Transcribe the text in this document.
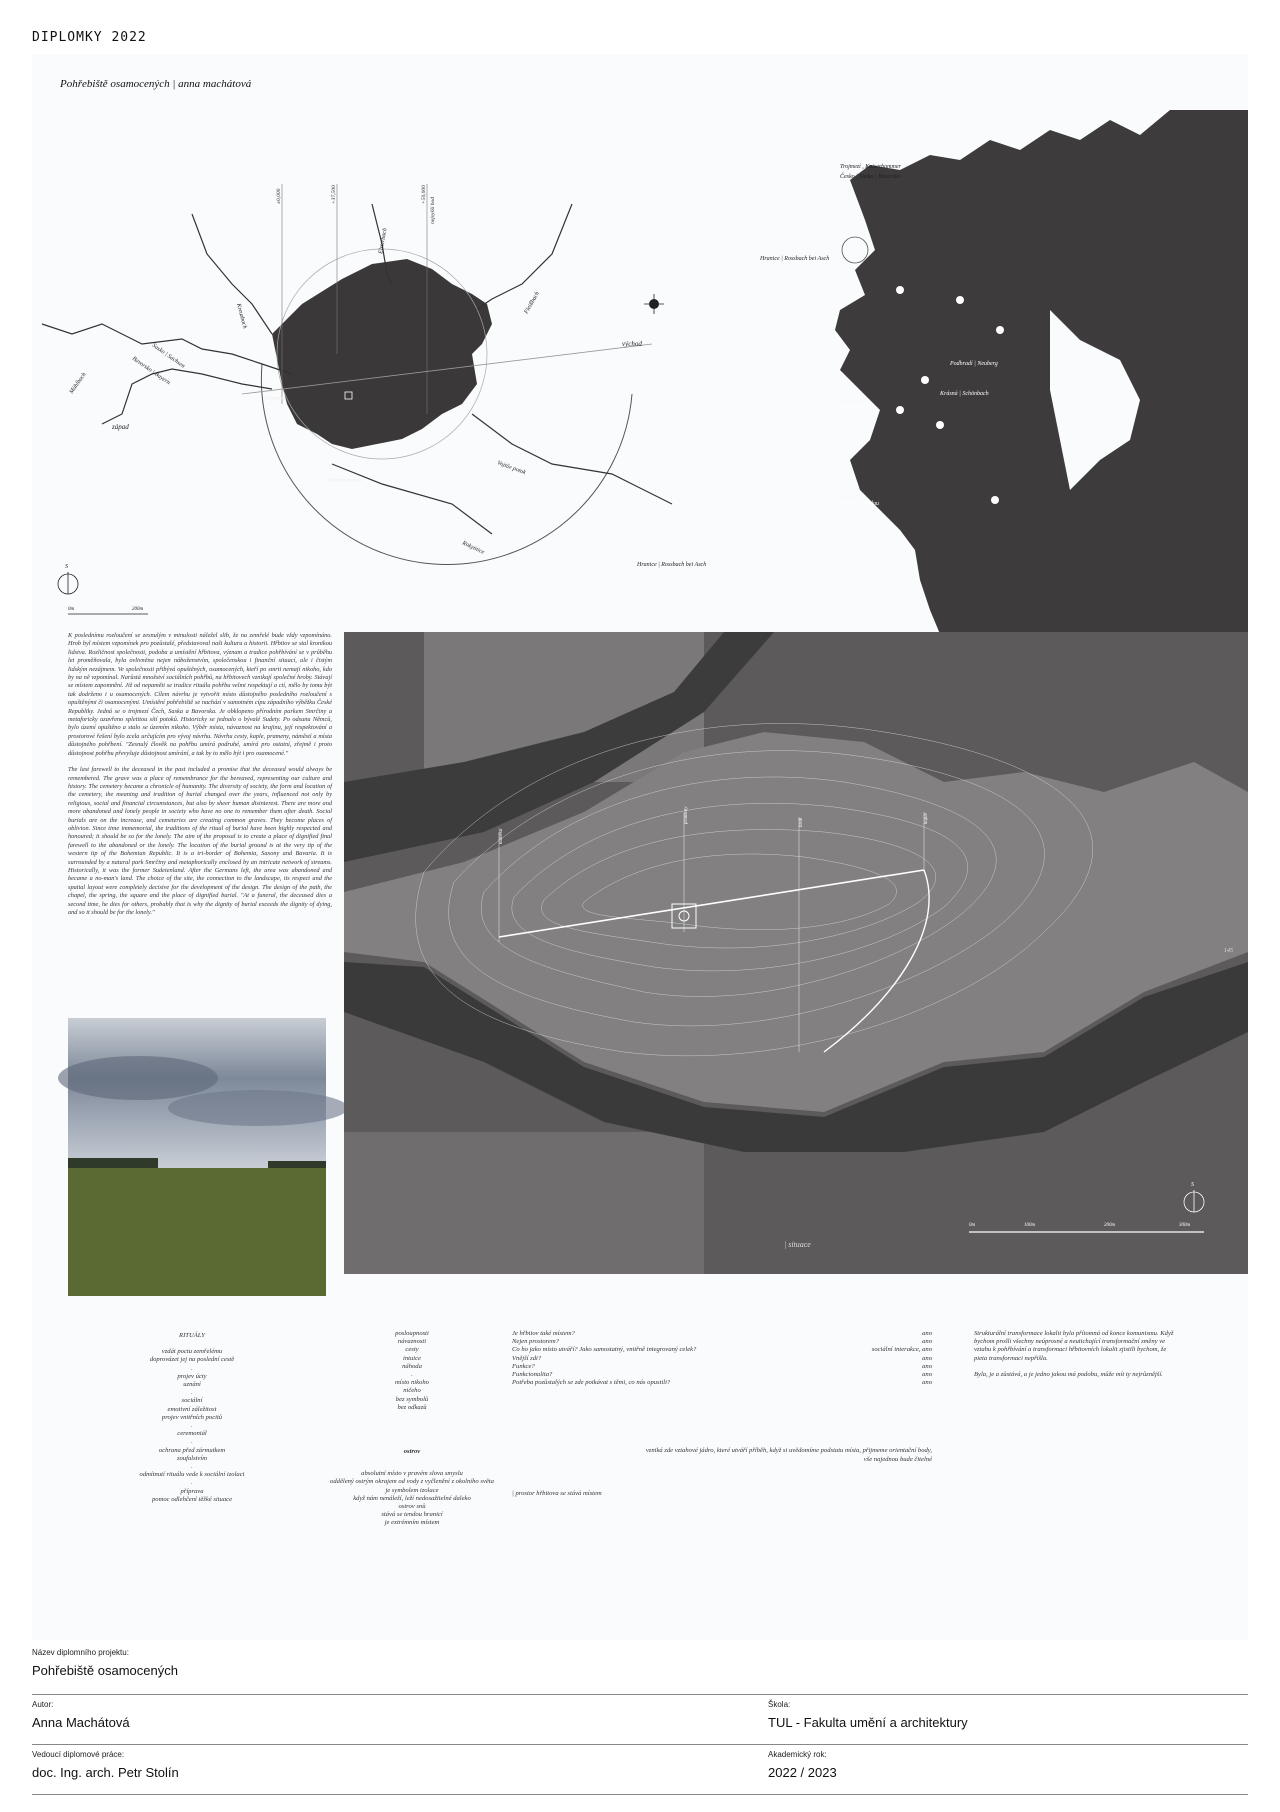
DIPLOMKY 2022
Pohřebiště osamocených | anna machátová
východ
západ
Trojmezí
Kaiserhammer
Hranice | Rossbach bei Asch
Rokytnice
Vojtův potok
Sasko | Sachsen
Bavorsko | Bayern
Mühlbach
Elsterbach
Fleißbach
Kreuzbach
±0,000	+37,500	+50,000
nejvyšší bod
S
0m	200m
Trojmezí , Kaiserhammer
Česko | Sasko | Bavorsko
Hranice | Rossbach bei Asch
Podhradí | Neuberg
Krásná | Schönbach
Aš | Asch
Hazlov | Haslau

K poslednímu rozloučení se zesnulým v minulosti náležel slib, že na zemřelé bude vždy vzpomínáno. Hrob byl místem vzpomínek pro pozůstalé, představoval naši kulturu a historii. Hřbitov se stal kronikou lidstva. Rozličnost společnosti, podoba a umístění hřbitova, význam a tradice pohřbívání se v průběhu let proměňovala, byla ovlivněna nejen náboženstvím, společenskou i finanční situací, ale i čistým lidským nezájmem. Ve společnosti přibývá opuštěných, osamocených, kteří po smrti nemají nikoho, kdo by na ně vzpomínal. Narůstá množství sociálních pohřbů, na hřbitovech vznikají společné hroby. Stávají se místem zapomnění. Již od nepaměti se tradice rituálu pohřbu velmi respektují a ctí, mělo by tomu být tak dodrženo i u osamocených. Cílem návrhu je vytvořit místo důstojného posledního rozloučení s opuštěnými či osamocenými. Umístění pohřebiště se nachází v samotném cípu západního výběžku České Republiky. Jedná se o trojmezí Čech, Saska a Bavorska. Je obklopeno přírodním parkem Smrčiny a metaforicky uzavřeno spletitou sítí potoků. Historicky se jednalo o bývalé Sudety. Po odsunu Němců, bylo území opuštěno a stalo se územím nikoho. Výběr místa, návaznost na krajinu, její respektování a prostorové řešení bylo zcela určujícím pro vývoj návrhu. Návrhu cesty, kaple, prameny, náměstí a místa důstojného pohřbení. "Zesnulý člověk na pohřbu umírá podruhé, umírá pro ostatní, zřejmě i proto důstojnost pohřbu převyšuje důstojnost umírání, a tak by to mělo být i pro osamocené."

The last farewell to the deceased in the past included a promise that the deceased would always be remembered. The grave was a place of remembrance for the bereaved, representing our culture and history. The cemetery became a chronicle of humanity. The diversity of society, the form and location of the cemetery, the meaning and tradition of burial changed over the years, influenced not only by religious, social and financial circumstances, but also by sheer human disinterest. There are more and more abandoned and lonely people in society who have no one to remember them after death. Social burials are on the increase, and cemeteries are creating common graves. They become places of oblivion. Since time immemorial, the traditions of the ritual of burial have been highly respected and honoured; it should be so for the lonely. The aim of the proposal is to create a place of dignified final farewell to the abandoned or the lonely. The location of the burial ground is at the very tip of the western tip of the Bohemian Republic. It is a tri-border of Bohemia, Saxony and Bavaria. It is surrounded by a natural park Smrčiny and metaphorically enclosed by an intricate network of streams. Historically, it was the former Sudetenland. After the Germans left, the area was abandoned and became a no-man's land. The choice of the site, the connection to the landscape, its respect and the spatial layout were completely decisive for the development of the design. The design of the path, the chapel, the spring, the square and the place of dignified burial. "At a funeral, the deceased dies a second time, he dies for others, probably that is why the dignity of burial exceeds the dignity of dying, and so it should be for the lonely."

náměstí
prameny	hrob	kaple
145
S
0m	100m	200m	300m
| situace
RITUÁLY
vzdát poctu zemřelému
doprovázet jej na poslední cestě
.
projev úcty
uznání
.
sociální
emotivní záležitost
projev vnitřních pocitů
.
ceremoniál
.
ochrana před zármutkem
zoufalstvím
.
odmítnutí rituálu vede k sociální izolaci
.
příprava
pomoc odlehčení těžké situace
posloupnosti
návaznosti
cesty
intuice
náhoda
.
místo nikoho
ničeho
bez symbolů
bez odkazů
ostrov
absolutní místo v pravém slova smyslu
oddělený ostrým okrajem od vody z vyčlenění z okolního světa
je symbolem izolace
když nám nenáleží, leží nedosažitelné daleko
ostrov snů
stává se tendou hranicí
je extrémním místem
Je hřbitov také místem?	ano
Nejen prostorem?	ano
Co ho jako místo utváří? Jako samostatný, vnitřně integrovaný celek?	sociální interakce, ano
Vnější zdi?	ano
Funkce?	ano
Funkcionalita?	ano
Potřeba pozůstalých se zde potkávat s těmi, co nás opustili?	ano
vzniká zde vztahové jádro, které utváří příběh, když si uvědomíme podstatu místa, přijmeme orientační body,
vše najednou bude čitelné
| prostor hřbitova se stává místem
Strukturální transformace lokalit byla přítomná od konce komunismu. Když bychom prošli všechny neúprosné a neutichající transformační změny ve vztahu k pohřbívání a transformaci hřbitovních lokalit zjistili bychom, že pieta transformaci nepřišla.
Byla, je a zůstává, a je jedno jakou má podobu, může mít ty nejrůznější.
Název diplomního projektu:
Pohřebiště osamocených
Autor:
Anna Machátová
Škola:
TUL - Fakulta umění a architektury
Vedoucí diplomové práce:
doc. Ing. arch. Petr Stolín
Akademický rok:
2022 / 2023
